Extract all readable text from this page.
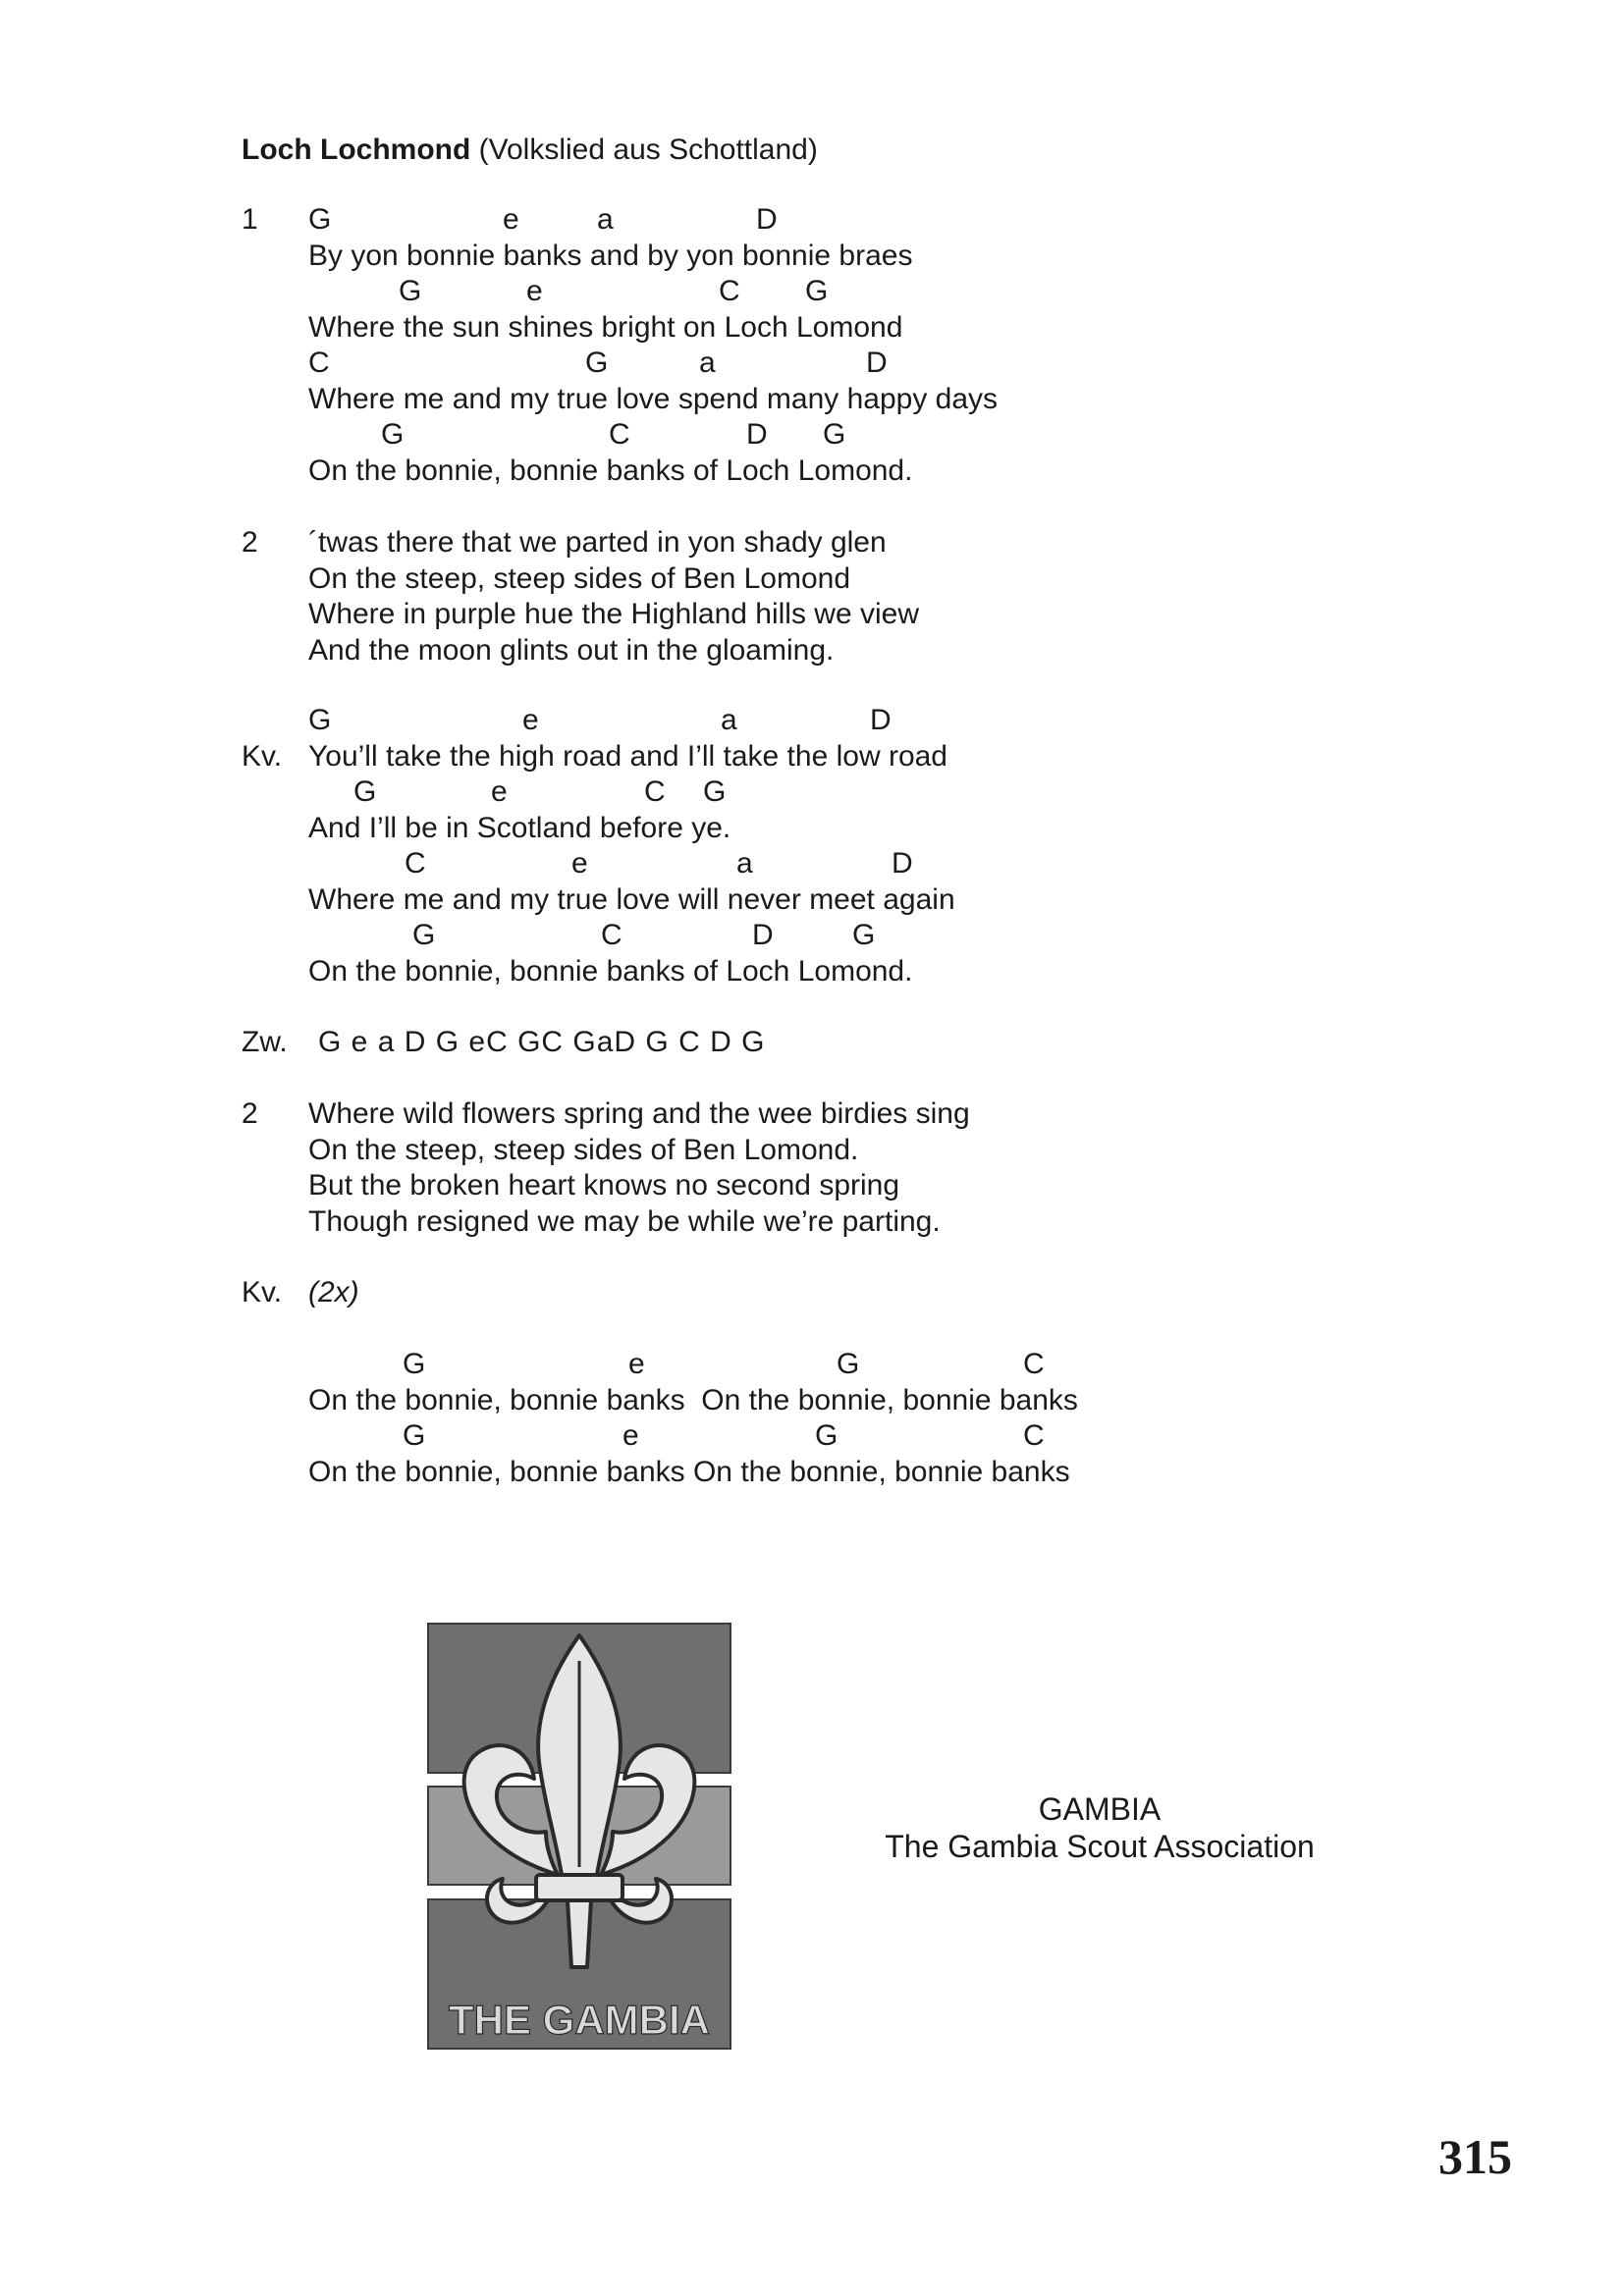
Loch Lochmond (Volkslied aus Schottland)

1

G	e	a	D

By yon bonnie banks and by yon bonnie braes
G	e	C G
Where the sun shines bright on Loch Lomond
C	G	a	D
Where me and my true love spend many happy days
G	C	D G
On the bonnie, bonnie banks of Loch Lomond.

2

´twas there that we parted in yon shady glen

On the steep, steep sides of Ben Lomond
Where in purple hue the Highland hills we view
And the moon glints out in the gloaming.
G	e	a	D

Kv.

You’ll take the high road and I’ll take the low road

G	e	C G
And I’ll be in Scotland before ye.
C	e	a	D
Where me and my true love will never meet again
G	C	D	G
On the bonnie, bonnie banks of Loch Lomond.

Zw.

G e a D G eC GC GaD G C D G

2

Where wild flowers spring and the wee birdies sing

On the steep, steep sides of Ben Lomond.
But the broken heart knows no second spring
Though resigned we may be while we’re parting.

Kv.

(2x)

G	e	G	C
On the bonnie, bonnie banks  On the bonnie, bonnie banks
G	e	G	C
On the bonnie, bonnie banks On the bonnie, bonnie banks
THE GAMBIA
GAMBIA
The Gambia Scout Association
315
